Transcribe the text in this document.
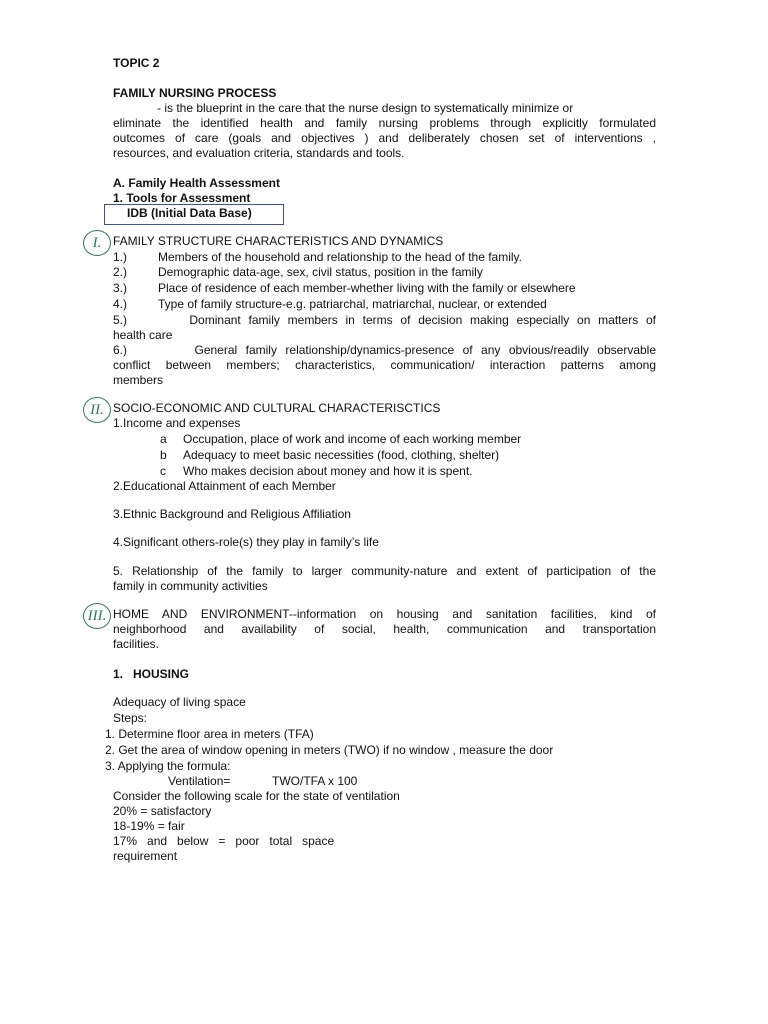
TOPIC 2
FAMILY NURSING PROCESS
- is the blueprint in the care that the nurse design to systematically minimize or
eliminate the identified health and family nursing problems through explicitly formulated
outcomes of care (goals and objectives ) and deliberately chosen set of interventions ,
resources, and evaluation criteria, standards and tools.
A. Family Health Assessment
1. Tools for Assessment
IDB (Initial Data Base)
I. FAMILY STRUCTURE CHARACTERISTICS AND DYNAMICS
1.)	Members of the household and relationship to the head of the family.
2.)	Demographic data-age, sex, civil status, position in the family
3.)	Place of residence of each member-whether living with the family or elsewhere
4.)	Type of family structure-e.g. patriarchal, matriarchal, nuclear, or extended
5.)        Dominant family members in terms of decision making especially on matters of
health care
6.)        General family relationship/dynamics-presence of any obvious/readily observable
conflict between members; characteristics, communication/ interaction patterns among
members
II. SOCIO-ECONOMIC AND CULTURAL CHARACTERISCTICS
1.Income and expenses
a Occupation, place of work and income of each working member
b Adequacy to meet basic necessities (food, clothing, shelter)
c Who makes decision about money and how it is spent.
2.Educational Attainment of each Member
3.Ethnic Background and Religious Affiliation
4.Significant others-role(s) they play in family’s life
5. Relationship of the family to larger community-nature and extent of participation of the
family in community activities
III. HOME AND ENVIRONMENT--information on housing and sanitation facilities, kind of
neighborhood and availability of social, health, communication and transportation
facilities.
1.   HOUSING
Adequacy of living space
Steps:
1. Determine floor area in meters (TFA)
2. Get the area of window opening in meters (TWO) if no window , measure the door
3. Applying the formula:
Ventilation=	TWO/TFA x 100
Consider the following scale for the state of ventilation
20% = satisfactory
18-19% = fair
17%   and   below   =   poor   total   space
requirement
